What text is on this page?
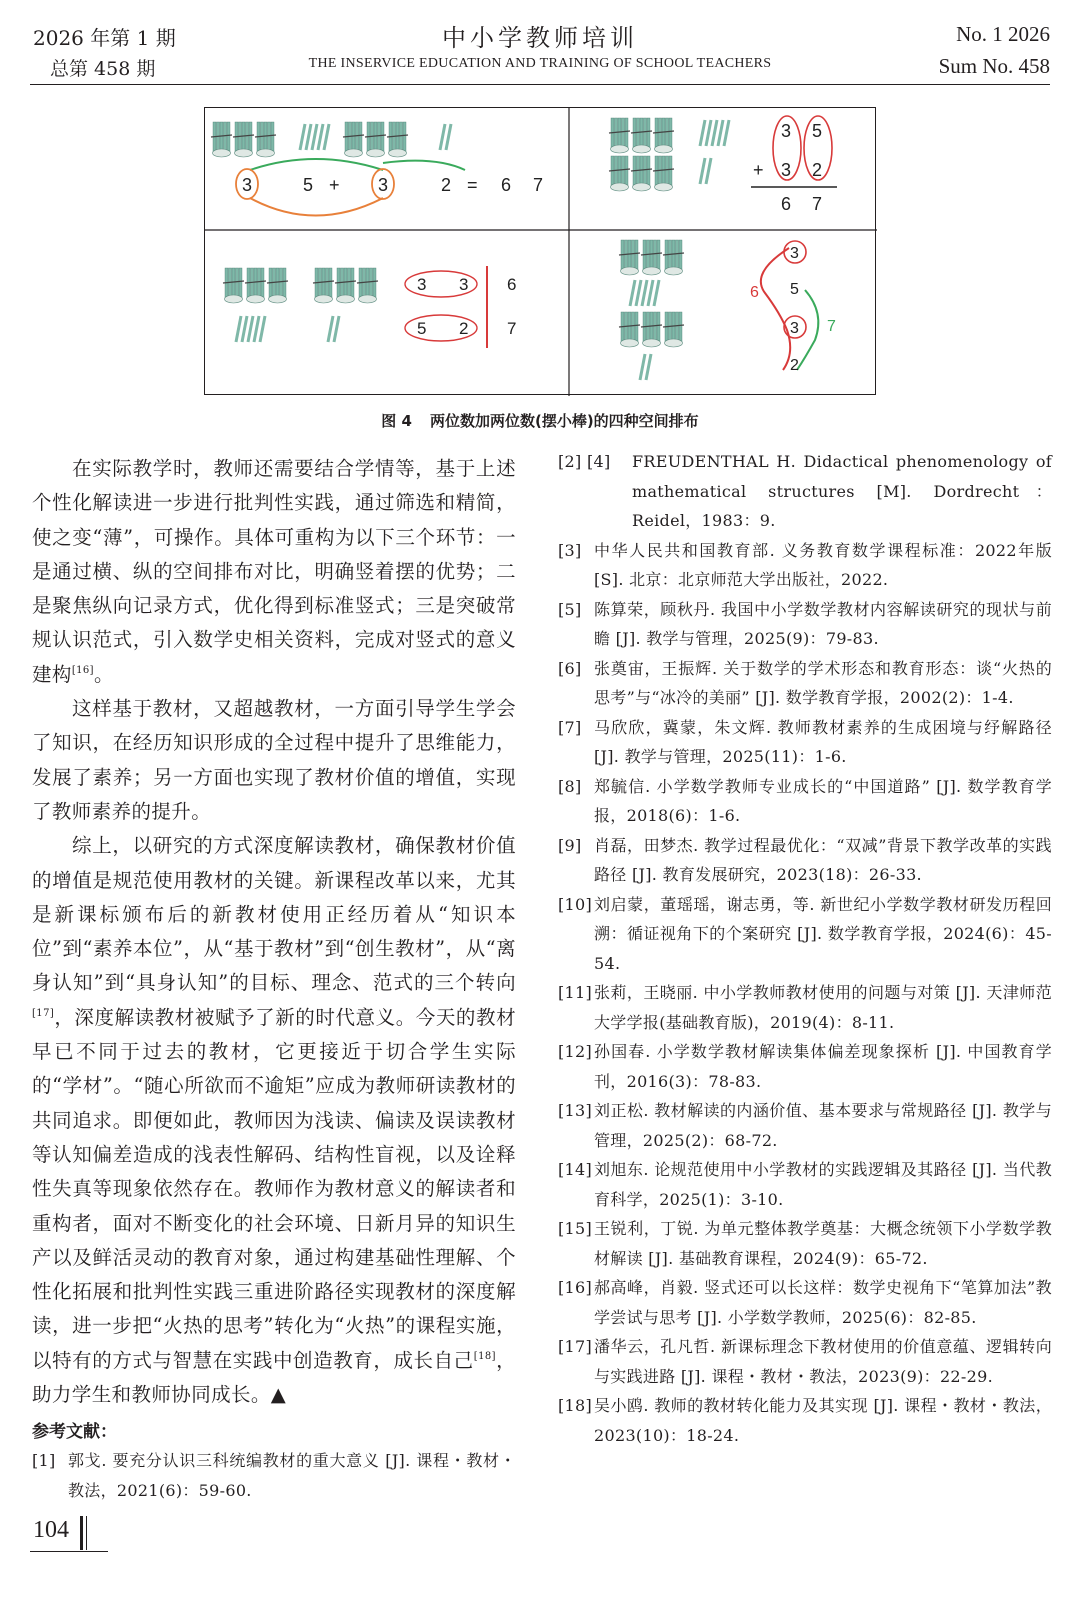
2026 年第 1 期
总第 458 期
中小学教师培训
THE INSERVICE EDUCATION AND TRAINING OF SCHOOL TEACHERS
No. 1 2026
Sum No. 458
3	5 + 3	2 = 6 7
3 5
+ 3 2
6 7
3 3 6
5 2 7
3
5
3
2
6
7
图 4 两位数加两位数(摆小棒)的四种空间排布

在实际教学时，教师还需要结合学情等，基于上述个性化解读进一步进行批判性实践，通过筛选和精简，使之变“薄”，可操作。具体可重构为以下三个环节：一是通过横、纵的空间排布对比，明确竖着摆的优势；二是聚焦纵向记录方式，优化得到标准竖式；三是突破常规认识范式，引入数学史相关资料，完成对竖式的意义建构[16]。

这样基于教材，又超越教材，一方面引导学生学会了知识，在经历知识形成的全过程中提升了思维能力，发展了素养；另一方面也实现了教材价值的增值，实现了教师素养的提升。

综上，以研究的方式深度解读教材，确保教材价值的增值是规范使用教材的关键。新课程改革以来，尤其是新课标颁布后的新教材使用正经历着从“知识本位”到“素养本位”，从“基于教材”到“创生教材”，从“离身认知”到“具身认知”的目标、理念、范式的三个转向[17]，深度解读教材被赋予了新的时代意义。今天的教材早已不同于过去的教材，它更接近于切合学生实际的“学材”。“随心所欲而不逾矩”应成为教师研读教材的共同追求。即便如此，教师因为浅读、偏读及误读教材等认知偏差造成的浅表性解码、结构性盲视，以及诠释性失真等现象依然存在。教师作为教材意义的解读者和重构者，面对不断变化的社会环境、日新月异的知识生产以及鲜活灵动的教育对象，通过构建基础性理解、个性化拓展和批判性实践三重进阶路径实现教材的深度解读，进一步把“火热的思考”转化为“火热”的课程实施，以特有的方式与智慧在实践中创造教育，成长自己[18]，助力学生和教师协同成长。▲

参考文献：
[1] 郭戈. 要充分认识三科统编教材的重大意义 [J]. 课程・教材・教法，2021(6)：59-60.
[2] [4]	FREUDENTHAL H. Didactical phenomenology of mathematical structures [M]. Dordrecht：Reidel，1983：9.
[3] 中华人民共和国教育部. 义务教育数学课程标准：2022年版 [S]. 北京：北京师范大学出版社，2022.
[5] 陈算荣，顾秋丹. 我国中小学数学教材内容解读研究的现状与前瞻 [J]. 教学与管理，2025(9)：79-83.
[6] 张奠宙，王振辉. 关于数学的学术形态和教育形态：谈“火热的思考”与“冰冷的美丽” [J]. 数学教育学报，2002(2)：1-4.
[7] 马欣欣，冀蒙，朱文辉. 教师教材素养的生成困境与纾解路径 [J]. 教学与管理，2025(11)：1-6.
[8] 郑毓信. 小学数学教师专业成长的“中国道路” [J]. 数学教育学报，2018(6)：1-6.
[9] 肖磊，田梦杰. 教学过程最优化：“双减”背景下教学改革的实践路径 [J]. 教育发展研究，2023(18)：26-33.
[10] 刘启蒙，董瑶瑶，谢志勇，等. 新世纪小学数学教材研发历程回溯：循证视角下的个案研究 [J]. 数学教育学报，2024(6)：45-54.
[11] 张莉，王晓丽. 中小学教师教材使用的问题与对策 [J]. 天津师范大学学报(基础教育版)，2019(4)：8-11.
[12] 孙国春. 小学数学教材解读集体偏差现象探析 [J]. 中国教育学刊，2016(3)：78-83.
[13] 刘正松. 教材解读的内涵价值、基本要求与常规路径 [J]. 教学与管理，2025(2)：68-72.
[14] 刘旭东. 论规范使用中小学教材的实践逻辑及其路径 [J]. 当代教育科学，2025(1)：3-10.
[15] 王锐利，丁锐. 为单元整体教学奠基：大概念统领下小学数学教材解读 [J]. 基础教育课程，2024(9)：65-72.
[16] 郝高峰，肖毅. 竖式还可以长这样：数学史视角下“笔算加法”教学尝试与思考 [J]. 小学数学教师，2025(6)：82-85.
[17] 潘华云，孔凡哲. 新课标理念下教材使用的价值意蕴、逻辑转向与实践进路 [J]. 课程・教材・教法，2023(9)：22-29.
[18] 吴小鸥. 教师的教材转化能力及其实现 [J]. 课程・教材・教法，2023(10)：18-24.
104
